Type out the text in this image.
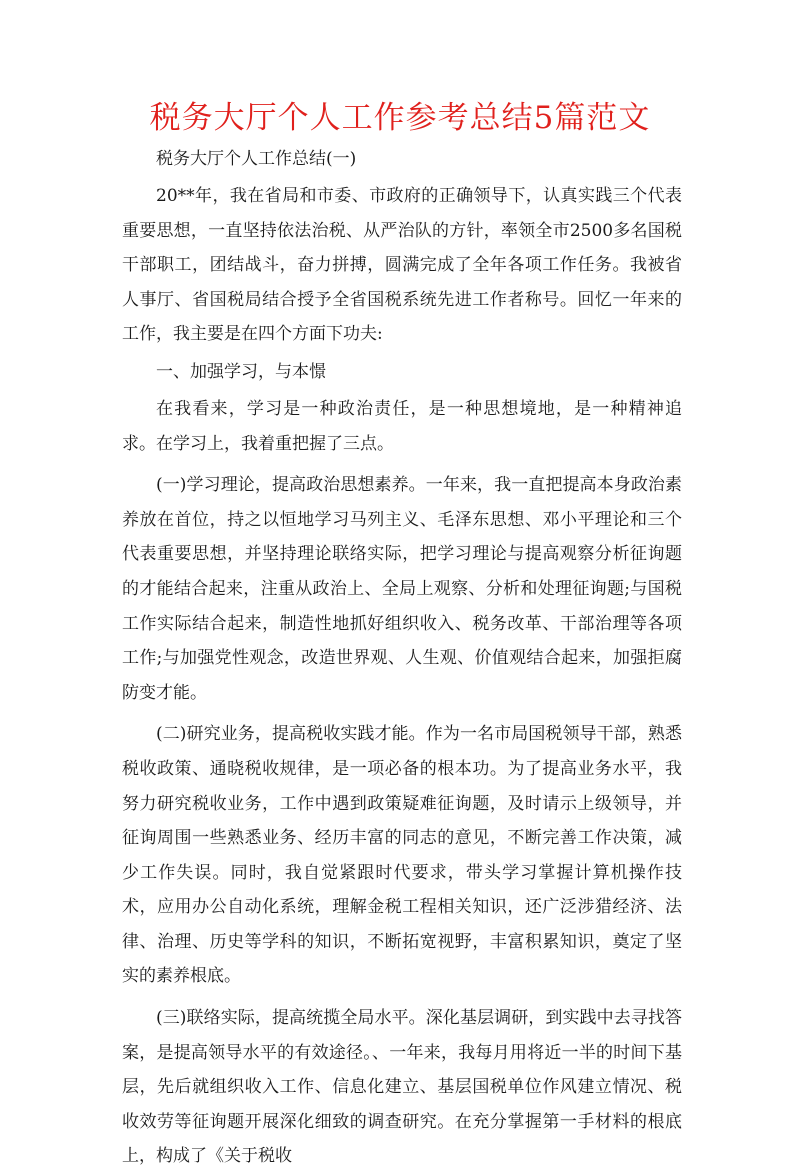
税务大厅个人工作参考总结5篇范文

税务大厅个人工作总结(一)

20**年，我在省局和市委、市政府的正确领导下，认真实践三个代表重要思想，一直坚持依法治税、从严治队的方针，率领全市2500多名国税干部职工，团结战斗，奋力拼搏，圆满完成了全年各项工作任务。我被省人事厅、省国税局结合授予全省国税系统先进工作者称号。回忆一年来的工作，我主要是在四个方面下功夫:

一、加强学习，与本憬

在我看来，学习是一种政治责任，是一种思想境地，是一种精神追求。在学习上，我着重把握了三点。

(一)学习理论，提高政治思想素养。一年来，我一直把提高本身政治素养放在首位，持之以恒地学习马列主义、毛泽东思想、邓小平理论和三个代表重要思想，并坚持理论联络实际，把学习理论与提高观察分析征询题的才能结合起来，注重从政治上、全局上观察、分析和处理征询题;与国税工作实际结合起来，制造性地抓好组织收入、税务改革、干部治理等各项工作;与加强党性观念，改造世界观、人生观、价值观结合起来，加强拒腐防变才能。

(二)研究业务，提高税收实践才能。作为一名市局国税领导干部，熟悉税收政策、通晓税收规律，是一项必备的根本功。为了提高业务水平，我努力研究税收业务，工作中遇到政策疑难征询题，及时请示上级领导，并征询周围一些熟悉业务、经历丰富的同志的意见，不断完善工作决策，减少工作失误。同时，我自觉紧跟时代要求，带头学习掌握计算机操作技术，应用办公自动化系统，理解金税工程相关知识，还广泛涉猎经济、法律、治理、历史等学科的知识，不断拓宽视野，丰富积累知识，奠定了坚实的素养根底。

(三)联络实际，提高统揽全局水平。深化基层调研，到实践中去寻找答案，是提高领导水平的有效途径。、一年来，我每月用将近一半的时间下基层，先后就组织收入工作、信息化建立、基层国税单位作风建立情况、税收效劳等征询题开展深化细致的调查研究。在充分掌握第一手材料的根底上，构成了《关于税收
